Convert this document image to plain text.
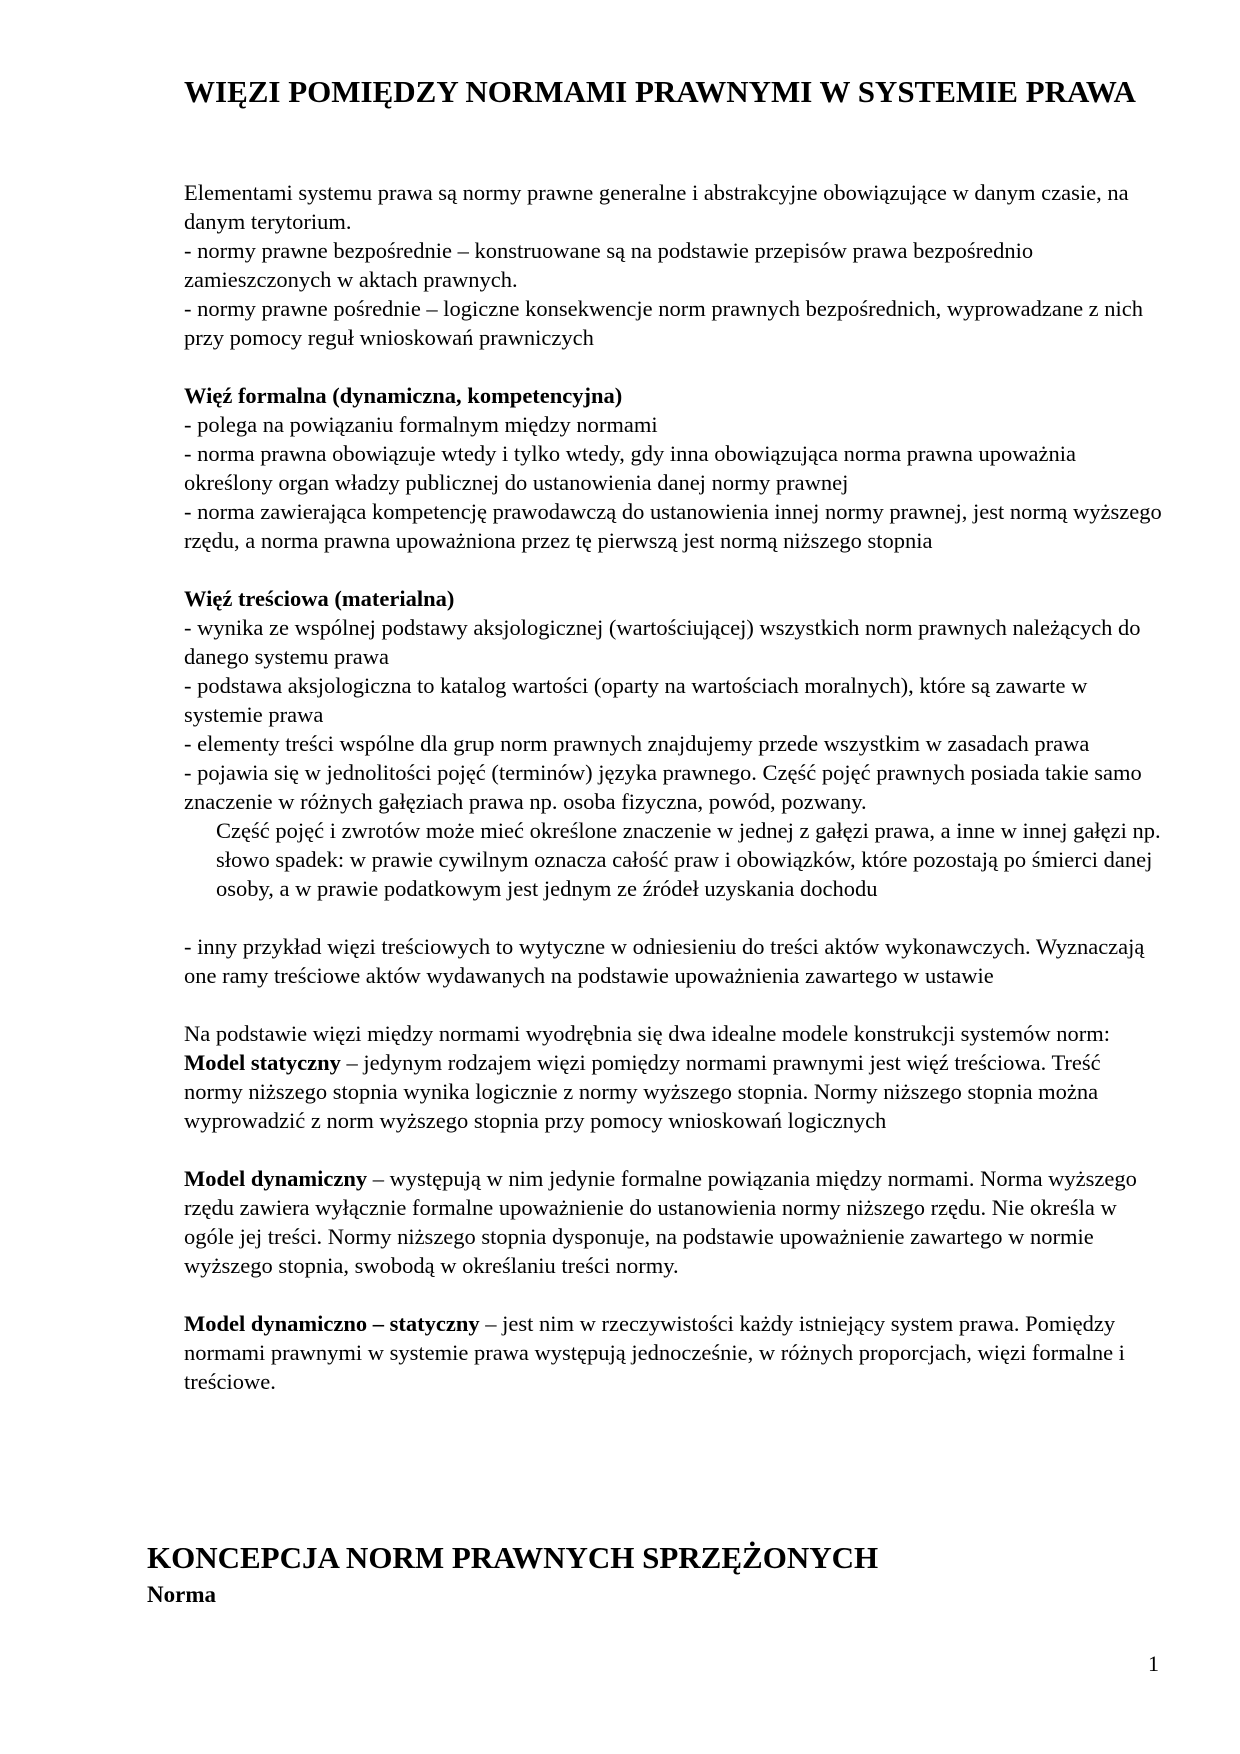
WIĘZI POMIĘDZY NORMAMI PRAWNYMI W SYSTEMIE PRAWA

Elementami systemu prawa są normy prawne generalne i abstrakcyjne obowiązujące w danym czasie, na danym terytorium.

- normy prawne bezpośrednie – konstruowane są na podstawie przepisów prawa bezpośrednio zamieszczonych w aktach prawnych.

- normy prawne pośrednie – logiczne konsekwencje norm prawnych bezpośrednich, wyprowadzane z nich przy pomocy reguł wnioskowań prawniczych

Więź formalna (dynamiczna, kompetencyjna)

- polega na powiązaniu formalnym między normami

- norma prawna obowiązuje wtedy i tylko wtedy, gdy inna obowiązująca norma prawna upoważnia określony organ władzy publicznej do ustanowienia danej normy prawnej

- norma zawierająca kompetencję prawodawczą do ustanowienia innej normy prawnej, jest normą wyższego rzędu, a norma prawna upoważniona przez tę pierwszą jest normą niższego stopnia

Więź treściowa (materialna)

- wynika ze wspólnej podstawy aksjologicznej (wartościującej) wszystkich norm prawnych należących do danego systemu prawa

- podstawa aksjologiczna to katalog wartości (oparty na wartościach moralnych), które są zawarte w systemie prawa

- elementy treści wspólne dla grup norm prawnych znajdujemy przede wszystkim w zasadach prawa

- pojawia się w jednolitości pojęć (terminów) języka prawnego. Część pojęć prawnych posiada takie samo znaczenie w różnych gałęziach prawa np. osoba fizyczna, powód, pozwany.

Część pojęć i zwrotów może mieć określone znaczenie w jednej z gałęzi prawa, a inne w innej gałęzi np. słowo spadek: w prawie cywilnym oznacza całość praw i obowiązków, które pozostają po śmierci danej osoby, a w prawie podatkowym jest jednym ze źródeł uzyskania dochodu

- inny przykład więzi treściowych to wytyczne w odniesieniu do treści aktów wykonawczych. Wyznaczają one ramy treściowe aktów wydawanych na podstawie upoważnienia zawartego w ustawie

Na podstawie więzi między normami wyodrębnia się dwa idealne modele konstrukcji systemów norm:

Model statyczny – jedynym rodzajem więzi pomiędzy normami prawnymi jest więź treściowa. Treść normy niższego stopnia wynika logicznie z normy wyższego stopnia. Normy niższego stopnia można wyprowadzić z norm wyższego stopnia przy pomocy wnioskowań logicznych

Model dynamiczny – występują w nim jedynie formalne powiązania między normami. Norma wyższego rzędu zawiera wyłącznie formalne upoważnienie do ustanowienia normy niższego rzędu. Nie określa w ogóle jej treści. Normy niższego stopnia dysponuje, na podstawie upoważnienie zawartego w normie wyższego stopnia, swobodą w określaniu treści normy.

Model dynamiczno – statyczny – jest nim w rzeczywistości każdy istniejący system prawa. Pomiędzy normami prawnymi w systemie prawa występują jednocześnie, w różnych proporcjach, więzi formalne i treściowe.

KONCEPCJA NORM PRAWNYCH SPRZĘŻONYCH
Norma
1
